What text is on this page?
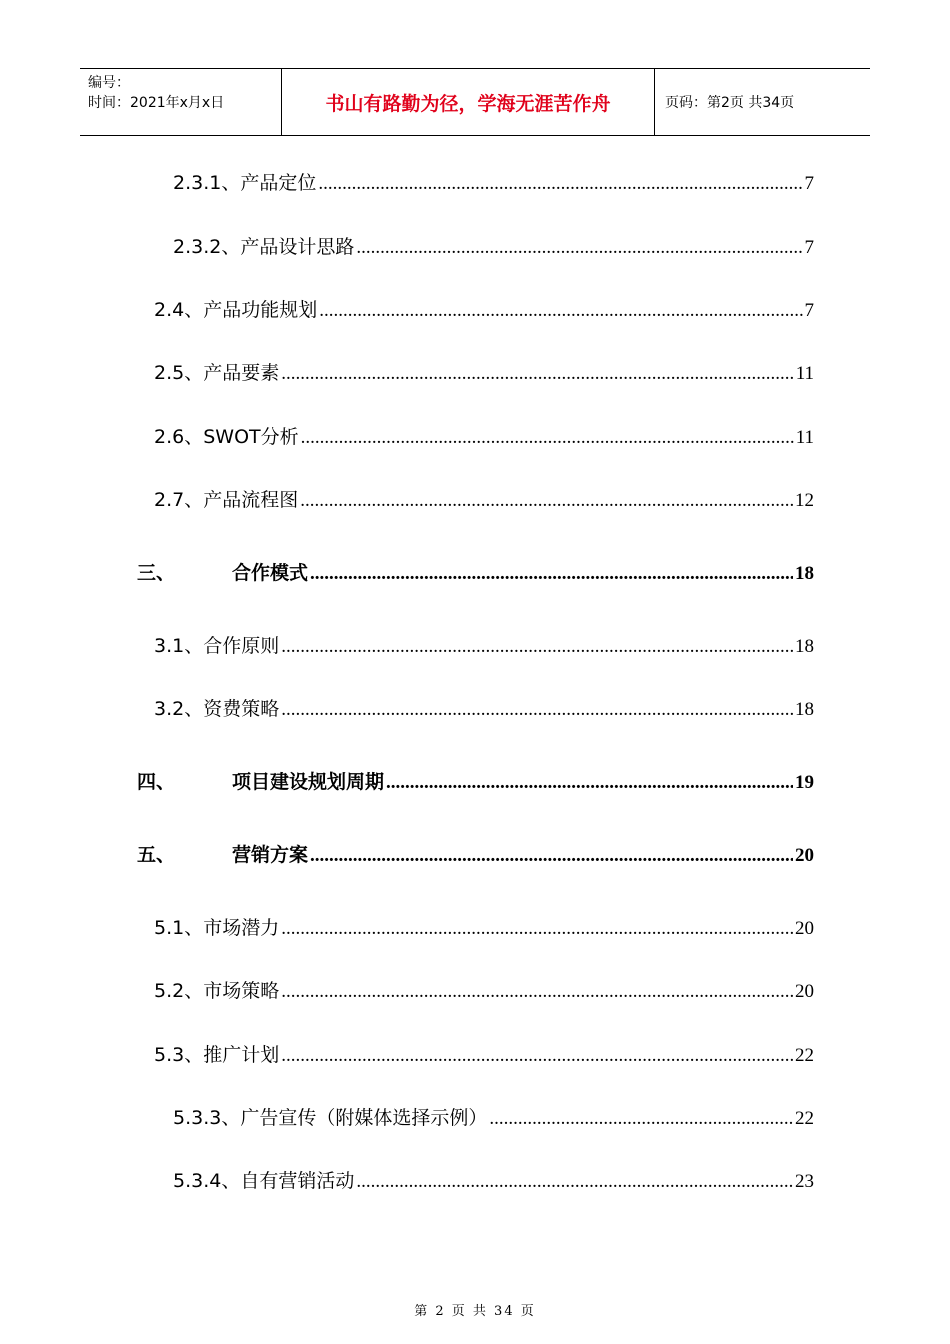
编号：
时间：2021年x月x日	书山有路勤为径，学海无涯苦作舟	页码：第2页 共34页
2.3.1、产品定位 .....	7
2.3.2、产品设计思路 .....	7
2.4、产品功能规划 .....	7
2.5、产品要素 .....	11
2.6、SWOT分析 .....	11
2.7、产品流程图 .....	12
三、	合作模式 .....	18
3.1、合作原则 .....	18
3.2、资费策略 .....	18
四、	项目建设规划周期 .....	19
五、	营销方案 .....	20
5.1、市场潜力 .....	20
5.2、市场策略 .....	20
5.3、推广计划 .....	22
5.3.3、广告宣传（附媒体选择示例） .....	22
5.3.4、自有营销活动 .....	23
第 2 页 共 34 页
